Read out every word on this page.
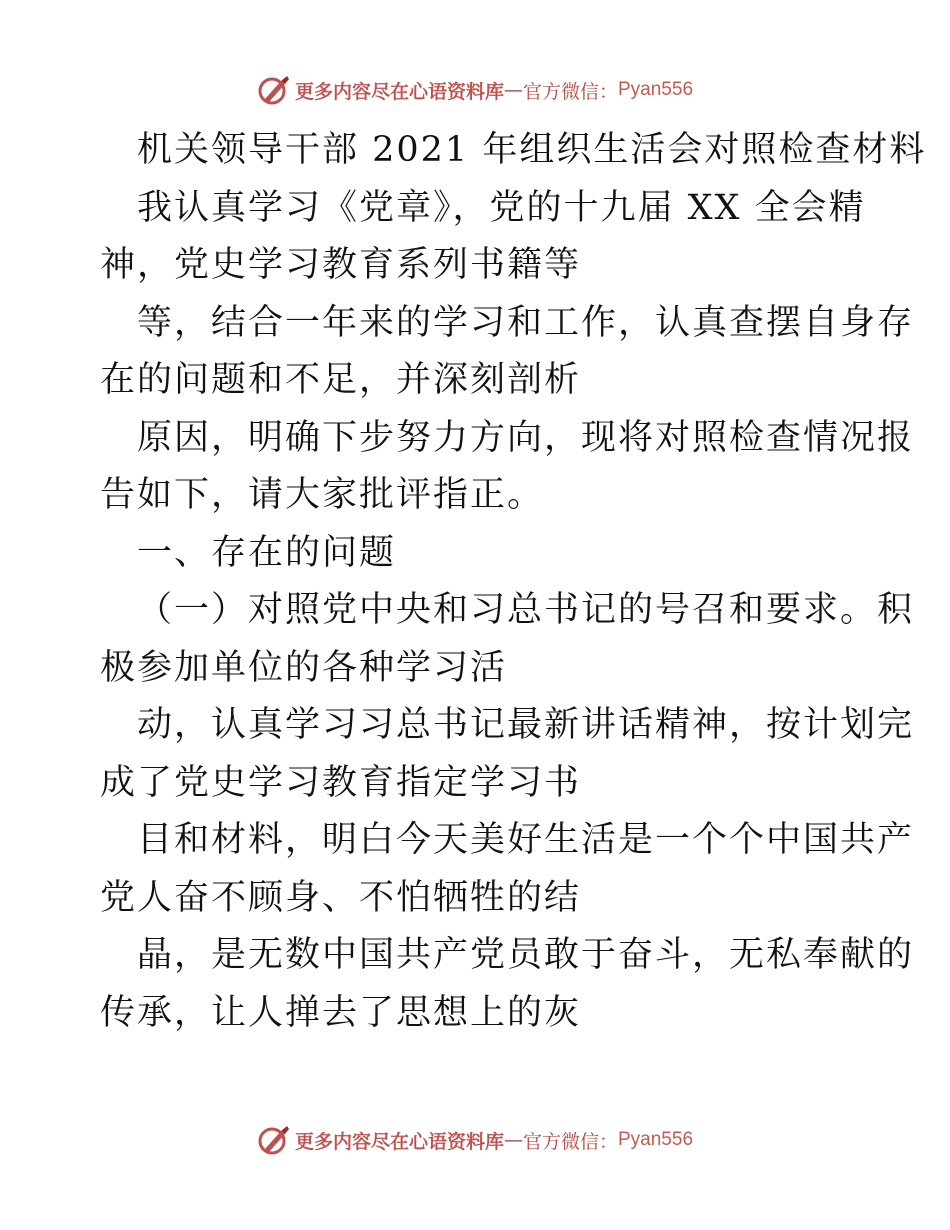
更多内容尽在心语资料库 — 官方微信： Pyan556
机关领导干部 2021 年组织生活会对照检查材料
我认真学习《党章》，党的十九届 XX 全会精
神，党史学习教育系列书籍等
等，结合一年来的学习和工作，认真查摆自身存
在的问题和不足，并深刻剖析
原因，明确下步努力方向，现将对照检查情况报
告如下，请大家批评指正。
一、存在的问题
（一）对照党中央和习总书记的号召和要求。积
极参加单位的各种学习活
动，认真学习习总书记最新讲话精神，按计划完
成了党史学习教育指定学习书
目和材料，明白今天美好生活是一个个中国共产
党人奋不顾身、不怕牺牲的结
晶，是无数中国共产党员敢于奋斗，无私奉献的
传承，让人掸去了思想上的灰
更多内容尽在心语资料库 — 官方微信： Pyan556
